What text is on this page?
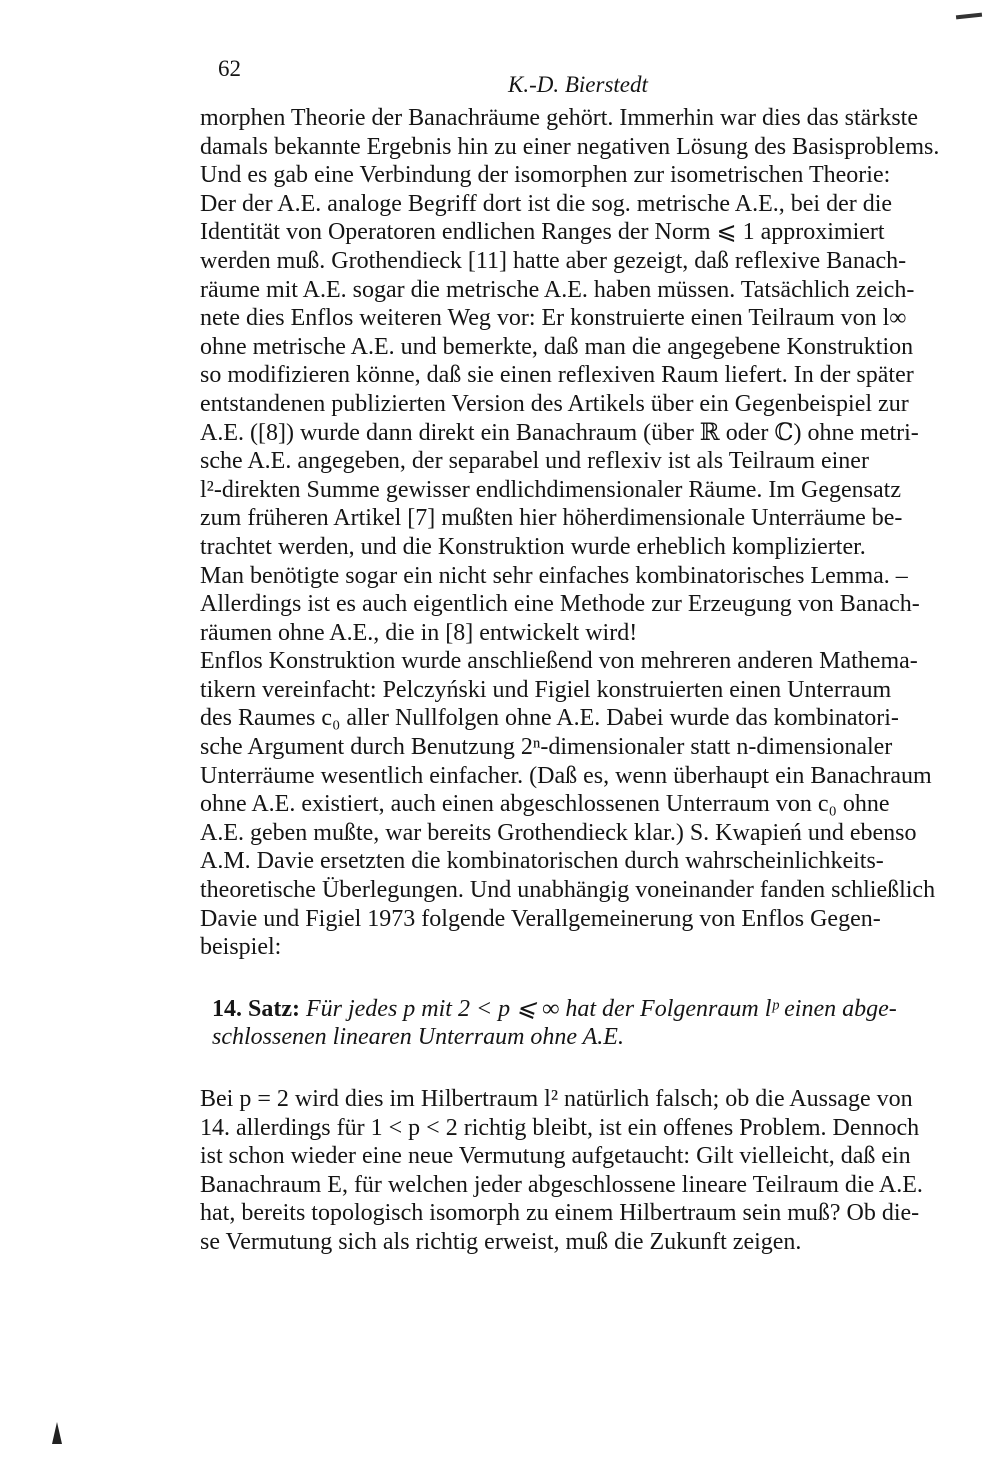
62

K.-D. Bierstedt

morphen Theorie der Banachräume gehört. Immerhin war dies das stärkste
damals bekannte Ergebnis hin zu einer negativen Lösung des Basisproblems.
Und es gab eine Verbindung der isomorphen zur isometrischen Theorie:
Der der A.E. analoge Begriff dort ist die sog. metrische A.E., bei der die
Identität von Operatoren endlichen Ranges der Norm ⩽ 1 approximiert
werden muß. Grothendieck [11] hatte aber gezeigt, daß reflexive Banach-
räume mit A.E. sogar die metrische A.E. haben müssen. Tatsächlich zeich-
nete dies Enflos weiteren Weg vor: Er konstruierte einen Teilraum von l∞
ohne metrische A.E. und bemerkte, daß man die angegebene Konstruktion
so modifizieren könne, daß sie einen reflexiven Raum liefert. In der später
entstandenen publizierten Version des Artikels über ein Gegenbeispiel zur
A.E. ([8]) wurde dann direkt ein Banachraum (über ℝ oder ℂ) ohne metri-
sche A.E. angegeben, der separabel und reflexiv ist als Teilraum einer
l²-direkten Summe gewisser endlichdimensionaler Räume. Im Gegensatz
zum früheren Artikel [7] mußten hier höherdimensionale Unterräume be-
trachtet werden, und die Konstruktion wurde erheblich komplizierter.
Man benötigte sogar ein nicht sehr einfaches kombinatorisches Lemma. –
Allerdings ist es auch eigentlich eine Methode zur Erzeugung von Banach-
räumen ohne A.E., die in [8] entwickelt wird!
Enflos Konstruktion wurde anschließend von mehreren anderen Mathema-
tikern vereinfacht: Pelczyński und Figiel konstruierten einen Unterraum
des Raumes c₀ aller Nullfolgen ohne A.E. Dabei wurde das kombinatori-
sche Argument durch Benutzung 2ⁿ-dimensionaler statt n-dimensionaler
Unterräume wesentlich einfacher. (Daß es, wenn überhaupt ein Banachraum
ohne A.E. existiert, auch einen abgeschlossenen Unterraum von c₀ ohne
A.E. geben mußte, war bereits Grothendieck klar.) S. Kwapień und ebenso
A.M. Davie ersetzten die kombinatorischen durch wahrscheinlichkeits-
theoretische Überlegungen. Und unabhängig voneinander fanden schließlich
Davie und Figiel 1973 folgende Verallgemeinerung von Enflos Gegen-
beispiel:
14. Satz: Für jedes p mit 2 < p ⩽ ∞ hat der Folgenraum lᵖ einen abge-
schlossenen linearen Unterraum ohne A.E.
Bei p = 2 wird dies im Hilbertraum l² natürlich falsch; ob die Aussage von
14. allerdings für 1 < p < 2 richtig bleibt, ist ein offenes Problem. Dennoch
ist schon wieder eine neue Vermutung aufgetaucht: Gilt vielleicht, daß ein
Banachraum E, für welchen jeder abgeschlossene lineare Teilraum die A.E.
hat, bereits topologisch isomorph zu einem Hilbertraum sein muß? Ob die-
se Vermutung sich als richtig erweist, muß die Zukunft zeigen.
